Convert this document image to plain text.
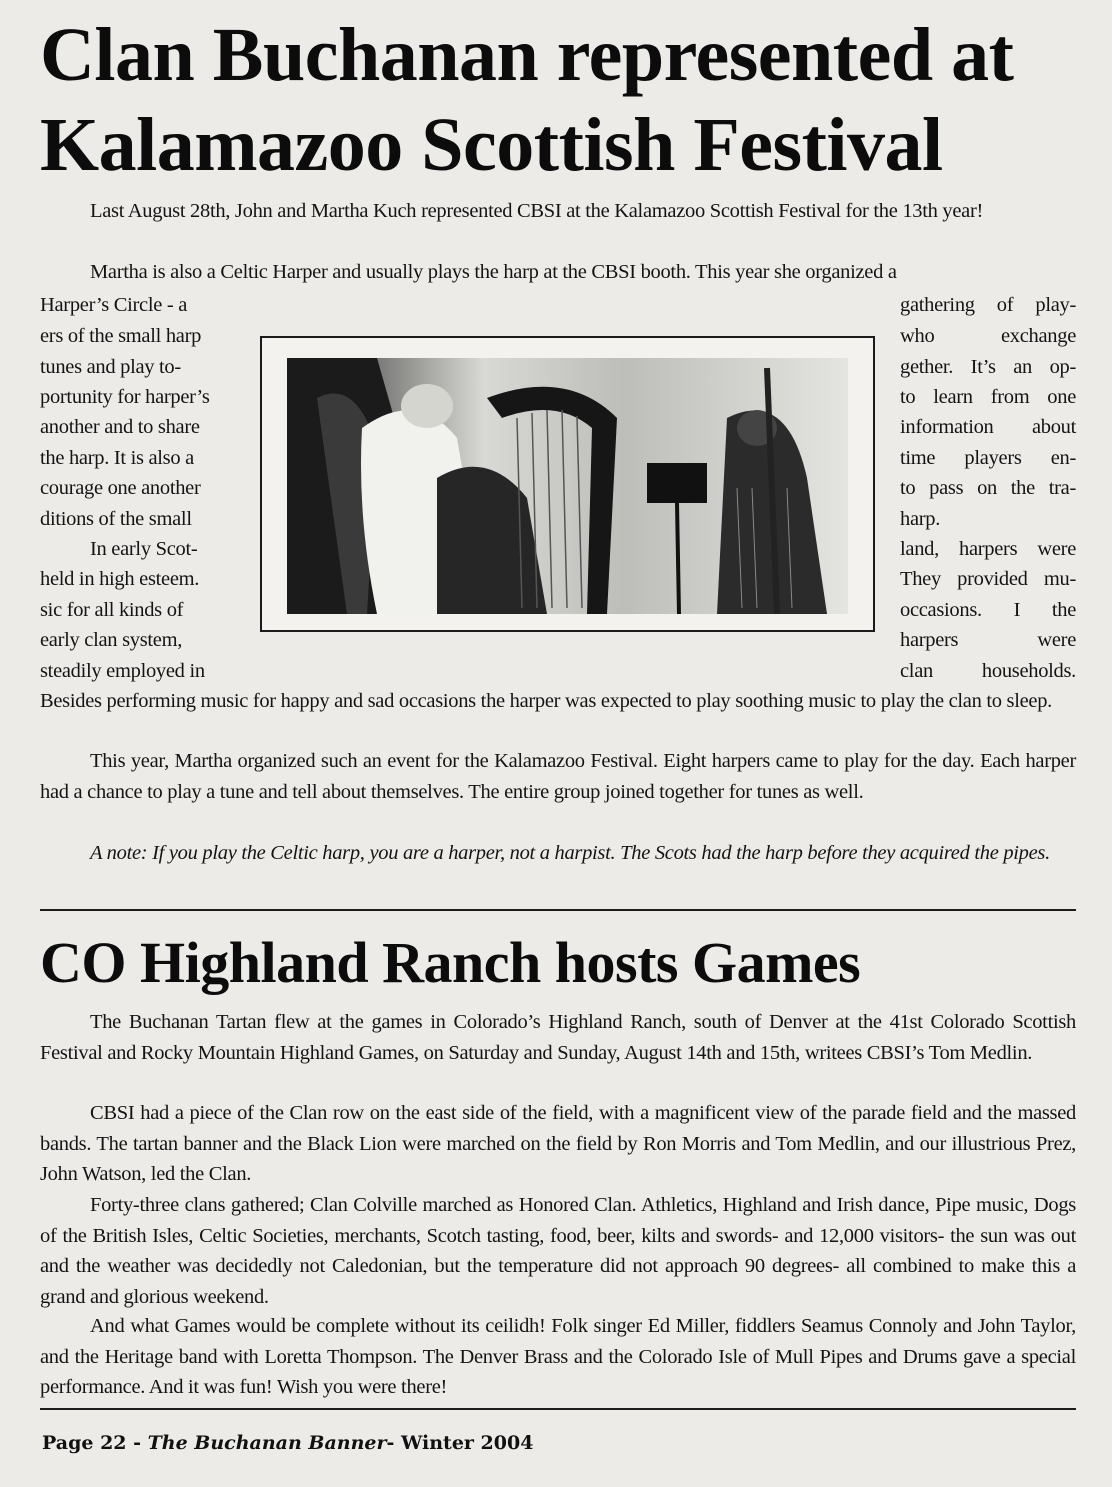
Clan Buchanan represented at
Kalamazoo Scottish Festival

Last August 28th, John and Martha Kuch represented CBSI at the Kalamazoo Scottish Festival for the 13th year!

Martha is also a Celtic Harper and usually plays the harp at the CBSI booth. This year she organized a

Harper’s Circle - a

ers of the small harp

tunes and play to-

portunity for harper’s

another and to share

the harp. It is also a

courage one another

ditions of the small

In early Scot-

held in high esteem.

sic for all kinds of

early clan system,

steadily employed in

gathering of play-

who exchange

gether. It’s an op-

to learn from one

information about

time players en-

to pass on the tra-

harp.

land, harpers were

They provided mu-

occasions. I the

harpers were

clan households.

Besides performing music for happy and sad occasions the harper was expected to play soothing music to play the clan to sleep.

This year, Martha organized such an event for the Kalamazoo Festival. Eight harpers came to play for the day. Each harper had a chance to play a tune and tell about themselves. The entire group joined together for tunes as well.

A note: If you play the Celtic harp, you are a harper, not a harpist. The Scots had the harp before they acquired the pipes.

CO Highland Ranch hosts Games

The Buchanan Tartan flew at the games in Colorado’s Highland Ranch, south of Denver at the 41st Colorado Scottish Festival and Rocky Mountain Highland Games, on Saturday and Sunday, August 14th and 15th, writees CBSI’s Tom Medlin.

CBSI had a piece of the Clan row on the east side of the field, with a magnificent view of the parade field and the massed bands. The tartan banner and the Black Lion were marched on the field by Ron Morris and Tom Medlin, and our illustrious Prez, John Watson, led the Clan.

Forty-three clans gathered; Clan Colville marched as Honored Clan. Athletics, Highland and Irish dance, Pipe music, Dogs of the British Isles, Celtic Societies, merchants, Scotch tasting, food, beer, kilts and swords- and 12,000 visitors- the sun was out and the weather was decidedly not Caledonian, but the temperature did not approach 90 degrees- all combined to make this a grand and glorious weekend.

And what Games would be complete without its ceilidh! Folk singer Ed Miller, fiddlers Seamus Connoly and John Taylor, and the Heritage band with Loretta Thompson. The Denver Brass and the Colorado Isle of Mull Pipes and Drums gave a special performance. And it was fun! Wish you were there!

Page 22 - The Buchanan Banner- Winter 2004
